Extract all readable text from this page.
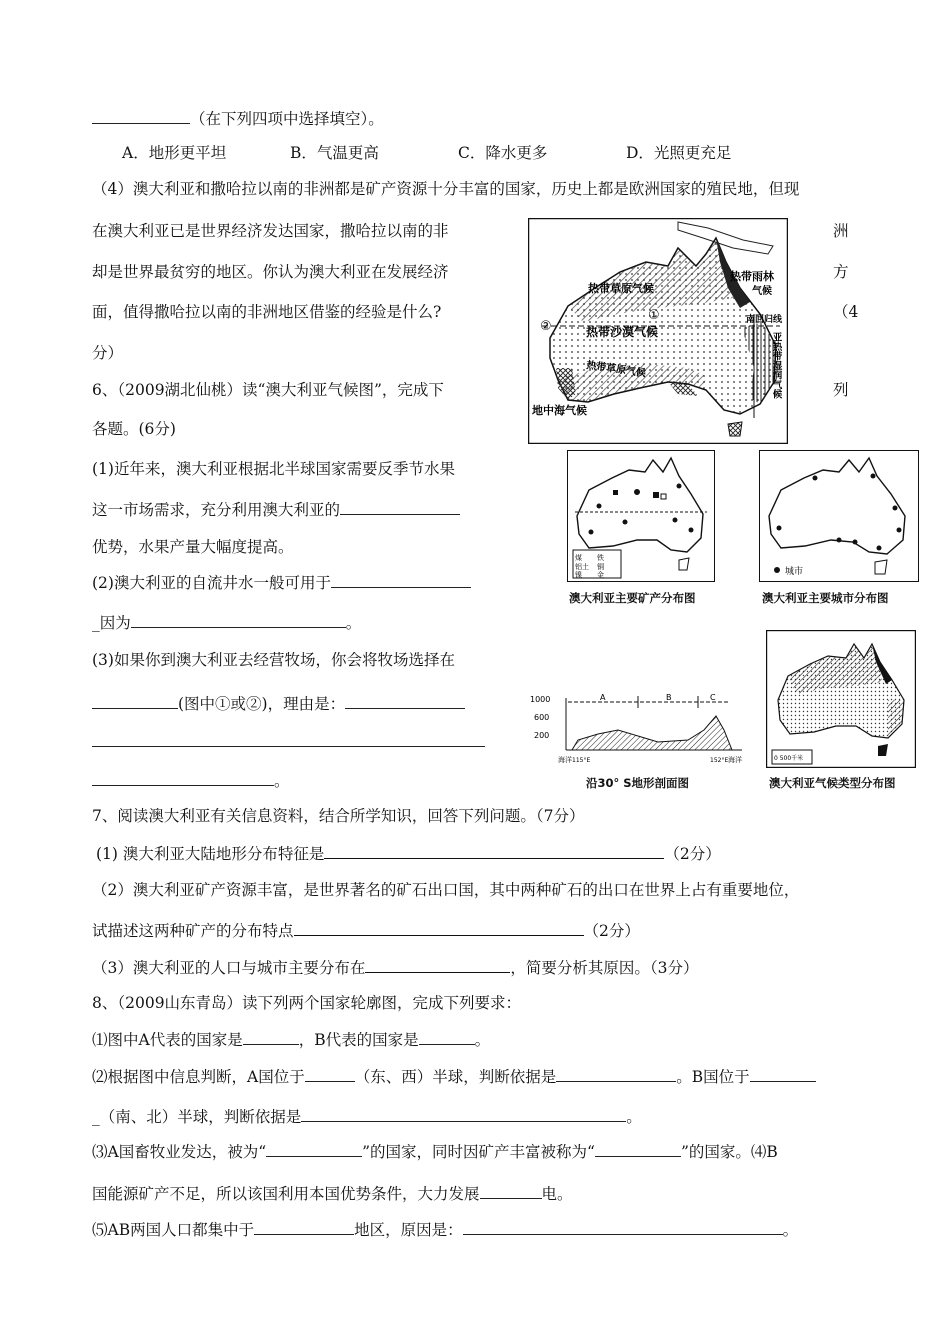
（在下列四项中选择填空）。
A．地形更平坦	B．气温更高	C．降水更多	D．光照更充足
（4）澳大利亚和撒哈拉以南的非洲都是矿产资源十分丰富的国家，历史上都是欧洲国家的殖民地，但现
在澳大利亚已是世界经济发达国家，撒哈拉以南的非	洲
却是世界最贫穷的地区。你认为澳大利亚在发展经济	方
面，值得撒哈拉以南的非洲地区借鉴的经验是什么?	（4
分）
6、（2009湖北仙桃）读“澳大利亚气候图”，完成下	列
各题。(6分)
(1)近年来，澳大利亚根据北半球国家需要反季节水果
这一市场需求，充分利用澳大利亚的
优势，水果产量大幅度提高。
(2)澳大利亚的自流井水一般可用于
_因为	。
(3)如果你到澳大利亚去经营牧场，你会将牧场选择在
(图中①或②)，理由是：
。
热带草原气候
热带雨林
气候
热带沙漠气候
热带草原气候
南回归线
亚热带湿润气候
地中海气候
①
②
煤 铁
铝土 铜
镍 金
澳大利亚主要矿产分布图
城市
澳大利亚主要城市分布图
1000
600
200
A	B	C
海洋	海洋
115°E	152°E
沿30° S地形剖面图
0 500千米
澳大利亚气候类型分布图
7、阅读澳大利亚有关信息资料，结合所学知识，回答下列问题。（7分）
(1) 澳大利亚大陆地形分布特征是	（2分）
（2）澳大利亚矿产资源丰富，是世界著名的矿石出口国，其中两种矿石的出口在世界上占有重要地位，
试描述这两种矿产的分布特点	（2分）
（3）澳大利亚的人口与城市主要分布在	，简要分析其原因。（3分）
8、（2009山东青岛）读下列两个国家轮廓图，完成下列要求：
⑴图中A代表的国家是	，B代表的国家是	。
⑵根据图中信息判断，A国位于	（东、西）半球，判断依据是	。B国位于
_（南、北）半球，判断依据是	。
⑶A国畜牧业发达，被为“	”的国家，同时因矿产丰富被称为“	”的国家。⑷B
国能源矿产不足，所以该国利用本国优势条件，大力发展	电。
⑸AB两国人口都集中于	地区，原因是：	。
